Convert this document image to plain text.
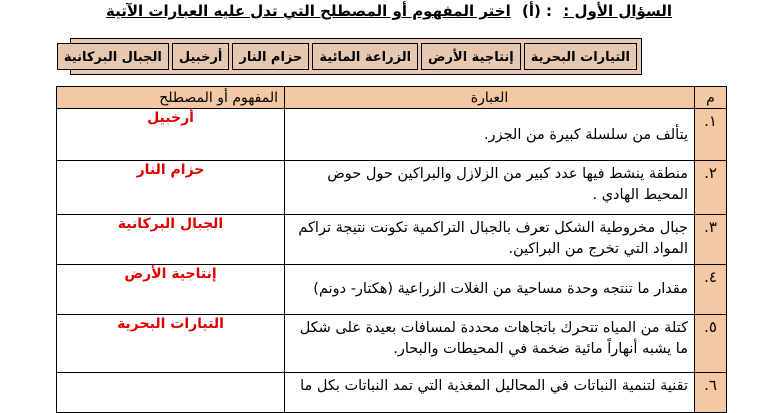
السؤال الأول : : (أ) اختر المفهوم أو المصطلح التي تدل عليه العبارات الآتية
التيارات البحرية
إنتاجية الأرض
الزراعة المائية
حزام النار
أرخبيل
الجبال البركانية
م	العبارة	المفهوم أو المصطلح
١.	يتألف من سلسلة كبيرة من الجزر.	أرخبيل
٢.	منطقة ينشط فيها عدد كبير من الزلازل والبراكين حول حوض المحيط الهادي .	حزام النار
٣.	جبال مخروطية الشكل تعرف بالجبال التراكمية تكونت نتيجة تراكم المواد التي تخرج من البراكين.	الجبال البركانية
٤.	مقدار ما تنتجه وحدة مساحية من الغلات الزراعية (هكتار- دونم)	إنتاجية الأرض
٥.	كتلة من المياه تتحرك باتجاهات محددة لمسافات بعيدة على شكل ما يشبه أنهاراً مائية ضخمة في المحيطات والبحار.	التيارات البحرية
٦.	تقنية لتنمية النباتات في المحاليل المغذية التي تمد النباتات بكل ما	
